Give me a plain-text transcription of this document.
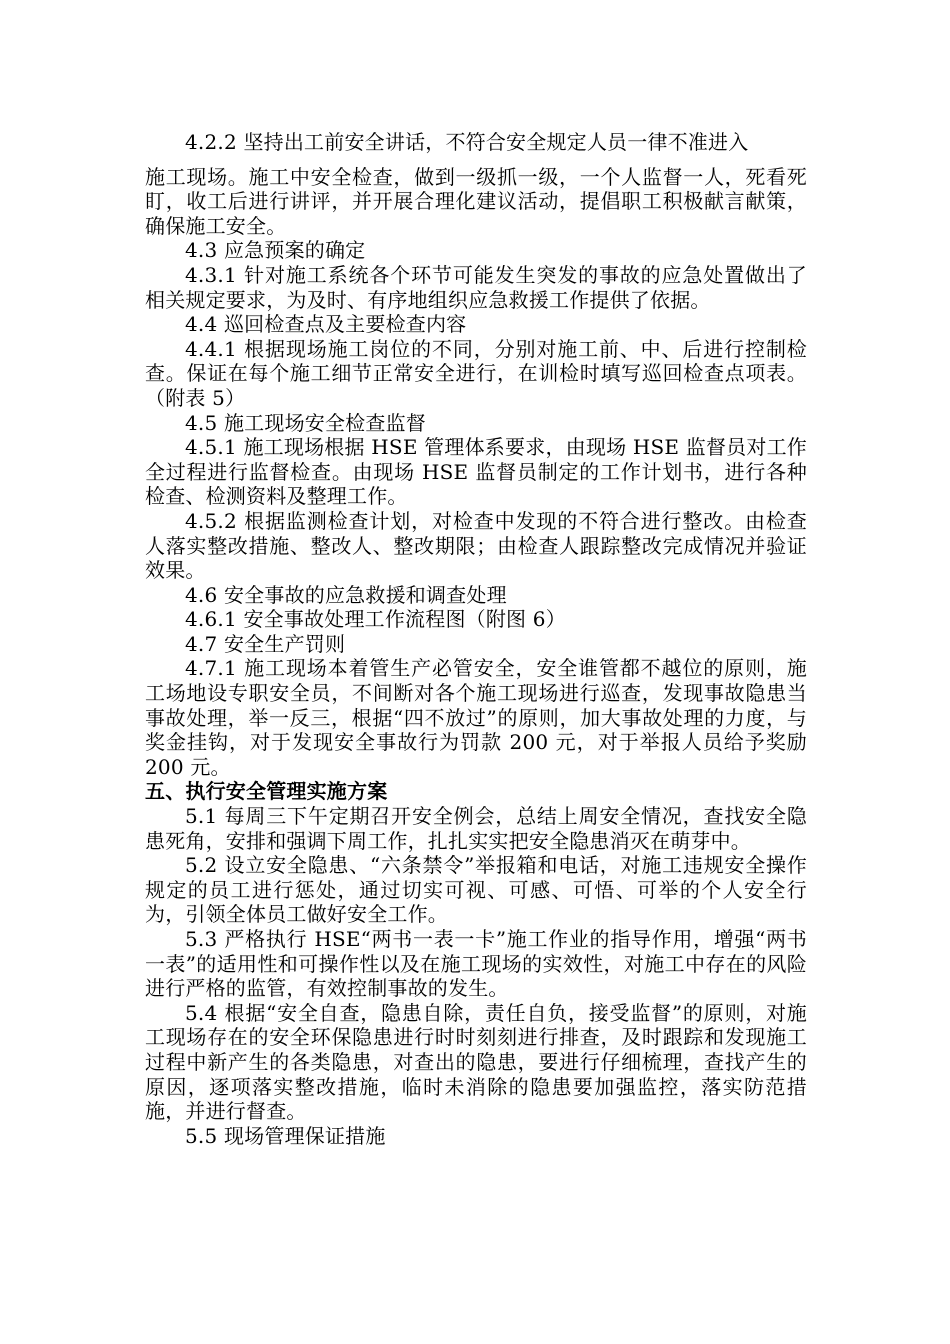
4.2.2 坚持出工前安全讲话，不符合安全规定人员一律不准进入

施工现场。施工中安全检查，做到一级抓一级，一个人监督一人，死看死盯，收工后进行讲评，并开展合理化建议活动，提倡职工积极献言献策，确保施工安全。

4.3 应急预案的确定

4.3.1 针对施工系统各个环节可能发生突发的事故的应急处置做出了相关规定要求，为及时、有序地组织应急救援工作提供了依据。

4.4 巡回检查点及主要检查内容

4.4.1 根据现场施工岗位的不同，分别对施工前、中、后进行控制检查。保证在每个施工细节正常安全进行，在训检时填写巡回检查点项表。（附表 5）

4.5 施工现场安全检查监督

4.5.1 施工现场根据 HSE 管理体系要求，由现场 HSE 监督员对工作全过程进行监督检查。由现场 HSE 监督员制定的工作计划书，进行各种检查、检测资料及整理工作。

4.5.2 根据监测检查计划，对检查中发现的不符合进行整改。由检查人落实整改措施、整改人、整改期限；由检查人跟踪整改完成情况并验证效果。

4.6 安全事故的应急救援和调查处理

4.6.1 安全事故处理工作流程图（附图 6）

4.7 安全生产罚则

4.7.1 施工现场本着管生产必管安全，安全谁管都不越位的原则，施工场地设专职安全员，不间断对各个施工现场进行巡查，发现事故隐患当事故处理，举一反三，根据“四不放过”的原则，加大事故处理的力度，与奖金挂钩，对于发现安全事故行为罚款 200 元，对于举报人员给予奖励 200 元。

五、执行安全管理实施方案

5.1 每周三下午定期召开安全例会，总结上周安全情况，查找安全隐患死角，安排和强调下周工作，扎扎实实把安全隐患消灭在萌芽中。

5.2 设立安全隐患、“六条禁令”举报箱和电话，对施工违规安全操作规定的员工进行惩处，通过切实可视、可感、可悟、可举的个人安全行为，引领全体员工做好安全工作。

5.3 严格执行 HSE“两书一表一卡”施工作业的指导作用，增强“两书一表”的适用性和可操作性以及在施工现场的实效性，对施工中存在的风险进行严格的监管，有效控制事故的发生。

5.4 根据“安全自查，隐患自除，责任自负，接受监督”的原则，对施工现场存在的安全环保隐患进行时时刻刻进行排查，及时跟踪和发现施工过程中新产生的各类隐患，对查出的隐患，要进行仔细梳理，查找产生的原因，逐项落实整改措施，临时未消除的隐患要加强监控，落实防范措施，并进行督查。

5.5 现场管理保证措施
